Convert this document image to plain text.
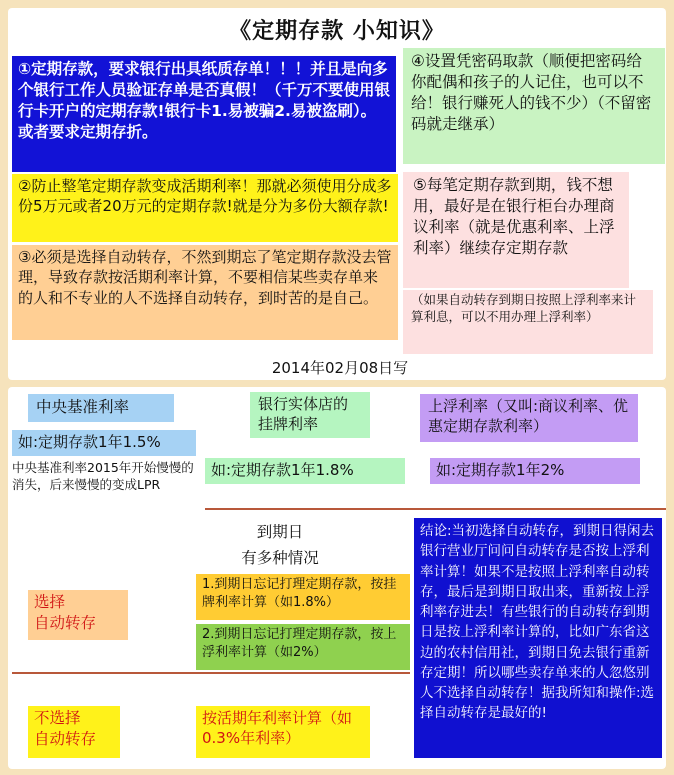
《定期存款 小知识》
①定期存款，要求银行出具纸质存单！！！并且是向多个银行工作人员验证存单是否真假！（千万不要使用银行卡开户的定期存款!银行卡1.易被骗2.易被盗刷）。或者要求定期存折。
④设置凭密码取款（顺便把密码给你配偶和孩子的人记住，也可以不给！银行赚死人的钱不少）（不留密码就走继承）
②防止整笔定期存款变成活期利率！那就必须使用分成多份5万元或者20万元的定期存款!就是分为多份大额存款!
③必须是选择自动转存，不然到期忘了笔定期存款没去管理，导致存款按活期利率计算，不要相信某些卖存单来的人和不专业的人不选择自动转存，到时苦的是自己。
⑤每笔定期存款到期，钱不想用，最好是在银行柜台办理商议利率（就是优惠利率、上浮利率）继续存定期存款
（如果自动转存到期日按照上浮利率来计算利息，可以不用办理上浮利率）
2014年02月08日写
中央基准利率
如:定期存款1年1.5%
中央基准利率2015年开始慢慢的消失，后来慢慢的变成LPR
银行实体店的挂牌利率
如:定期存款1年1.8%
上浮利率（又叫:商议利率、优惠定期存款利率）
如:定期存款1年2%
到期日
有多种情况
选择
自动转存
1.到期日忘记打理定期存款，按挂牌利率计算（如1.8%）
2.到期日忘记打理定期存款，按上浮利率计算（如2%）
不选择
自动转存
按活期年利率计算（如0.3%年利率）
结论:当初选择自动转存，到期日得闲去银行营业厅问问自动转存是否按上浮利率计算！如果不是按照上浮利率自动转存，最后是到期日取出来，重新按上浮利率存进去！有些银行的自动转存到期日是按上浮利率计算的，比如广东省这边的农村信用社，到期日免去银行重新存定期！所以哪些卖存单来的人忽悠别人不选择自动转存！据我所知和操作:选择自动转存是最好的!
